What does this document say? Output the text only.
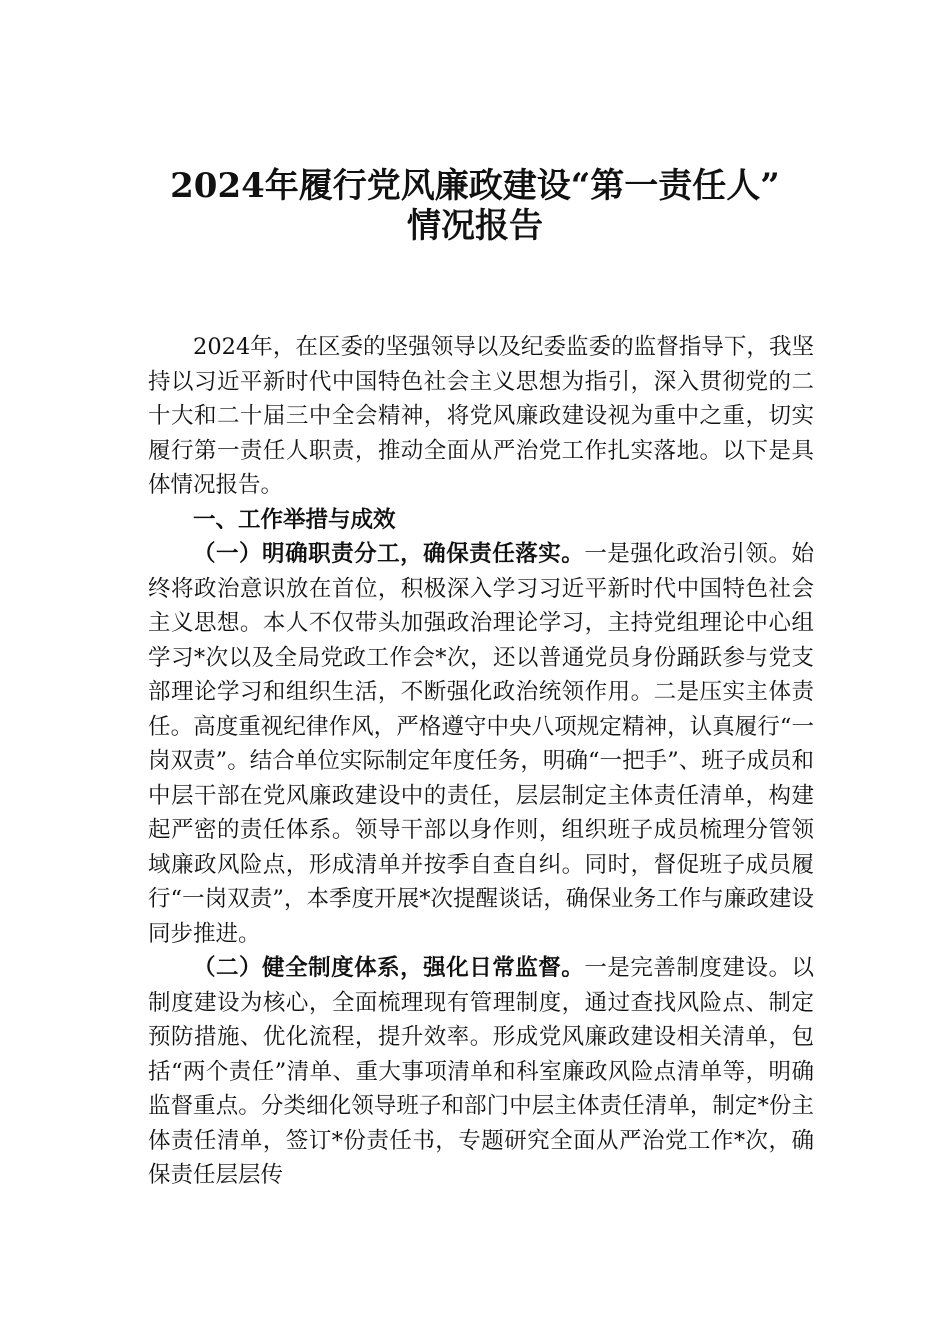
2024年履行党风廉政建设“第一责任人”
情况报告

2024年，在区委的坚强领导以及纪委监委的监督指导下，我坚持以习近平新时代中国特色社会主义思想为指引，深入贯彻党的二十大和二十届三中全会精神，将党风廉政建设视为重中之重，切实履行第一责任人职责，推动全面从严治党工作扎实落地。以下是具体情况报告。

一、工作举措与成效

（一）明确职责分工，确保责任落实。一是强化政治引领。始终将政治意识放在首位，积极深入学习习近平新时代中国特色社会主义思想。本人不仅带头加强政治理论学习，主持党组理论中心组学习*次以及全局党政工作会*次，还以普通党员身份踊跃参与党支部理论学习和组织生活，不断强化政治统领作用。二是压实主体责任。高度重视纪律作风，严格遵守中央八项规定精神，认真履行“一岗双责”。结合单位实际制定年度任务，明确“一把手”、班子成员和中层干部在党风廉政建设中的责任，层层制定主体责任清单，构建起严密的责任体系。领导干部以身作则，组织班子成员梳理分管领域廉政风险点，形成清单并按季自查自纠。同时，督促班子成员履行“一岗双责”，本季度开展*次提醒谈话，确保业务工作与廉政建设同步推进。

（二）健全制度体系，强化日常监督。一是完善制度建设。以制度建设为核心，全面梳理现有管理制度，通过查找风险点、制定预防措施、优化流程，提升效率。形成党风廉政建设相关清单，包括“两个责任”清单、重大事项清单和科室廉政风险点清单等，明确监督重点。分类细化领导班子和部门中层主体责任清单，制定*份主体责任清单，签订*份责任书，专题研究全面从严治党工作*次，确保责任层层传
